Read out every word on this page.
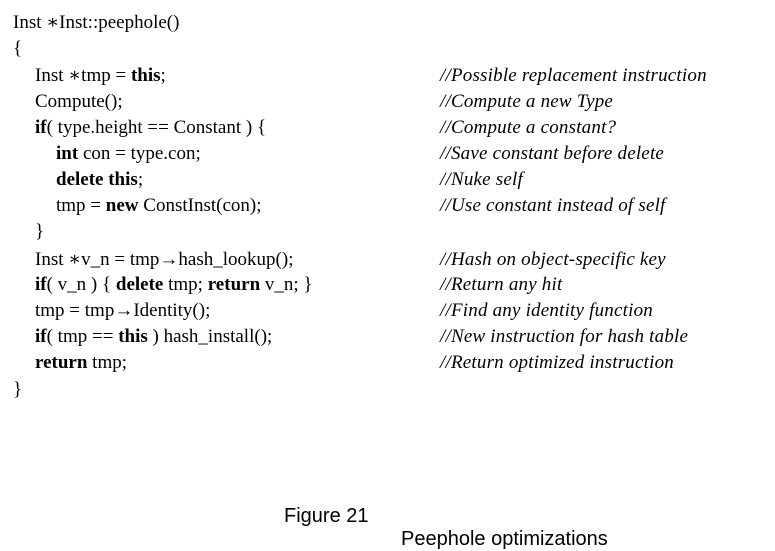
Inst ∗Inst::peephole()

{

Inst ∗tmp = this;

	//Possible replacement instruction

Compute();

	//Compute a new Type

if( type.height == Constant ) {

	//Compute a constant?

int con = type.con;

	//Save constant before delete

delete this;

	//Nuke self

tmp = new ConstInst(con);

	//Use constant instead of self

}

Inst ∗v_n = tmp→hash_lookup();

	//Hash on object-specific key

if( v_n ) { delete tmp; return v_n; }

	//Return any hit

tmp = tmp→Identity();

	//Find any identity function

if( tmp == this ) hash_install();

	//New instruction for hash table

return tmp;

	//Return optimized instruction

}

Figure 21

Peephole optimizations
